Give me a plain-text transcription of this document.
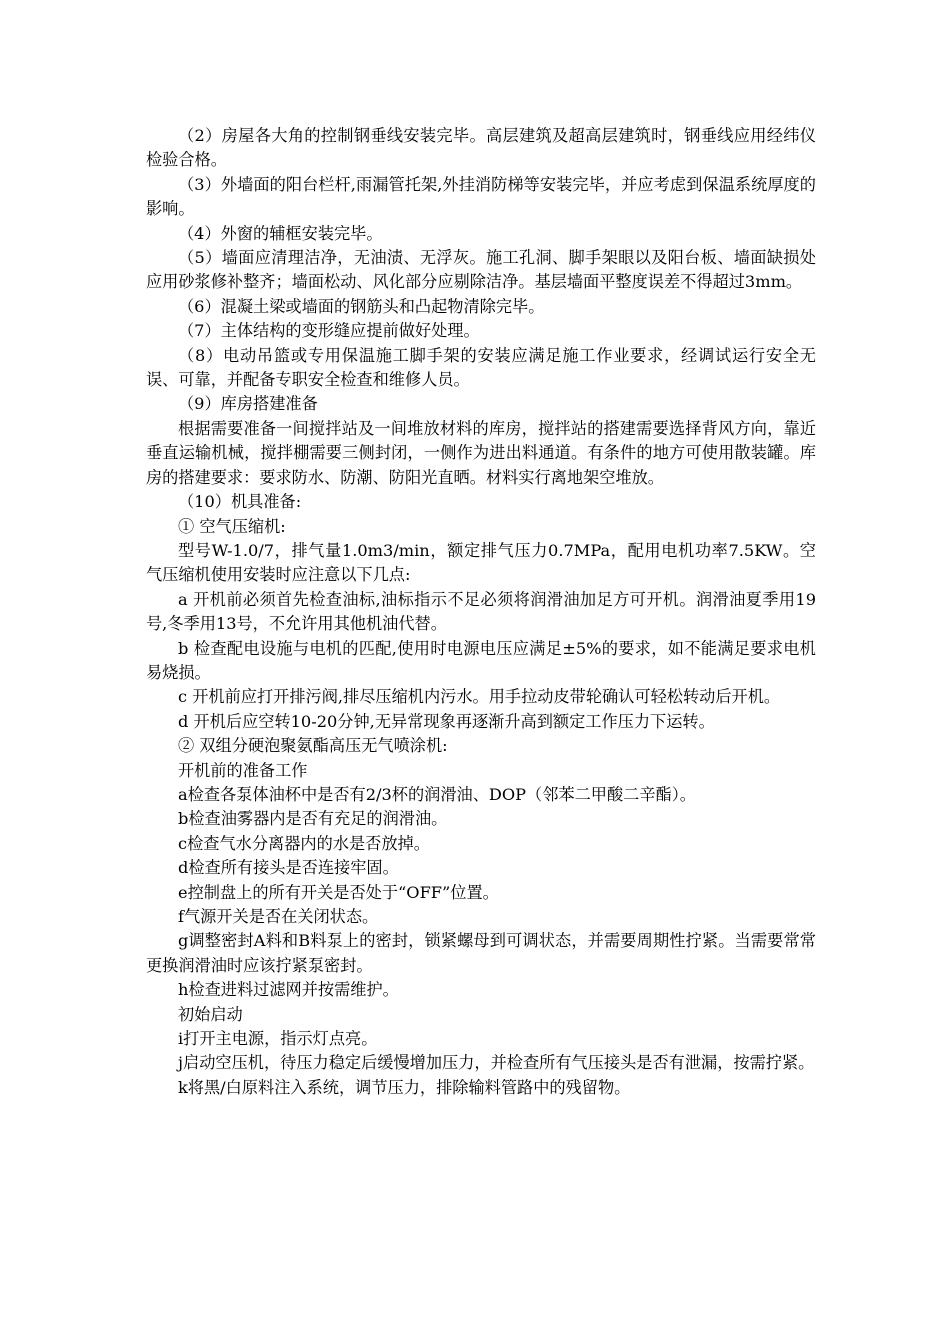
（2）房屋各大角的控制钢垂线安装完毕。高层建筑及超高层建筑时，钢垂线应用经纬仪检验合格。

（3）外墙面的阳台栏杆,雨漏管托架,外挂消防梯等安装完毕，并应考虑到保温系统厚度的影响。

（4）外窗的辅框安装完毕。

（5）墙面应清理洁净，无油渍、无浮灰。施工孔洞、脚手架眼以及阳台板、墙面缺损处应用砂浆修补整齐；墙面松动、风化部分应剔除洁净。基层墙面平整度误差不得超过3mm。

（6）混凝土梁或墙面的钢筋头和凸起物清除完毕。

（7）主体结构的变形缝应提前做好处理。

（8）电动吊篮或专用保温施工脚手架的安装应满足施工作业要求，经调试运行安全无误、可靠，并配备专职安全检查和维修人员。

（9）库房搭建准备

根据需要准备一间搅拌站及一间堆放材料的库房，搅拌站的搭建需要选择背风方向，靠近垂直运输机械，搅拌棚需要三侧封闭，一侧作为进出料通道。有条件的地方可使用散装罐。库房的搭建要求：要求防水、防潮、防阳光直晒。材料实行离地架空堆放。

（10）机具准备:

① 空气压缩机:

型号W-1.0/7，排气量1.0m3/min，额定排气压力0.7MPa，配用电机功率7.5KW。空气压缩机使用安装时应注意以下几点:

a 开机前必须首先检查油标,油标指示不足必须将润滑油加足方可开机。润滑油夏季用19号,冬季用13号，不允许用其他机油代替。

b 检查配电设施与电机的匹配,使用时电源电压应满足±5%的要求，如不能满足要求电机易烧损。

c 开机前应打开排污阀,排尽压缩机内污水。用手拉动皮带轮确认可轻松转动后开机。

d 开机后应空转10-20分钟,无异常现象再逐渐升高到额定工作压力下运转。

② 双组分硬泡聚氨酯高压无气喷涂机:

开机前的准备工作

a检查各泵体油杯中是否有2/3杯的润滑油、DOP（邻苯二甲酸二辛酯）。

b检查油雾器内是否有充足的润滑油。

c检查气水分离器内的水是否放掉。

d检查所有接头是否连接牢固。

e控制盘上的所有开关是否处于“OFF”位置。

f气源开关是否在关闭状态。

g调整密封A料和B料泵上的密封，锁紧螺母到可调状态，并需要周期性拧紧。当需要常常更换润滑油时应该拧紧泵密封。

h检查进料过滤网并按需维护。

初始启动

i打开主电源，指示灯点亮。

j启动空压机，待压力稳定后缓慢增加压力，并检查所有气压接头是否有泄漏，按需拧紧。

k将黑/白原料注入系统，调节压力，排除输料管路中的残留物。
